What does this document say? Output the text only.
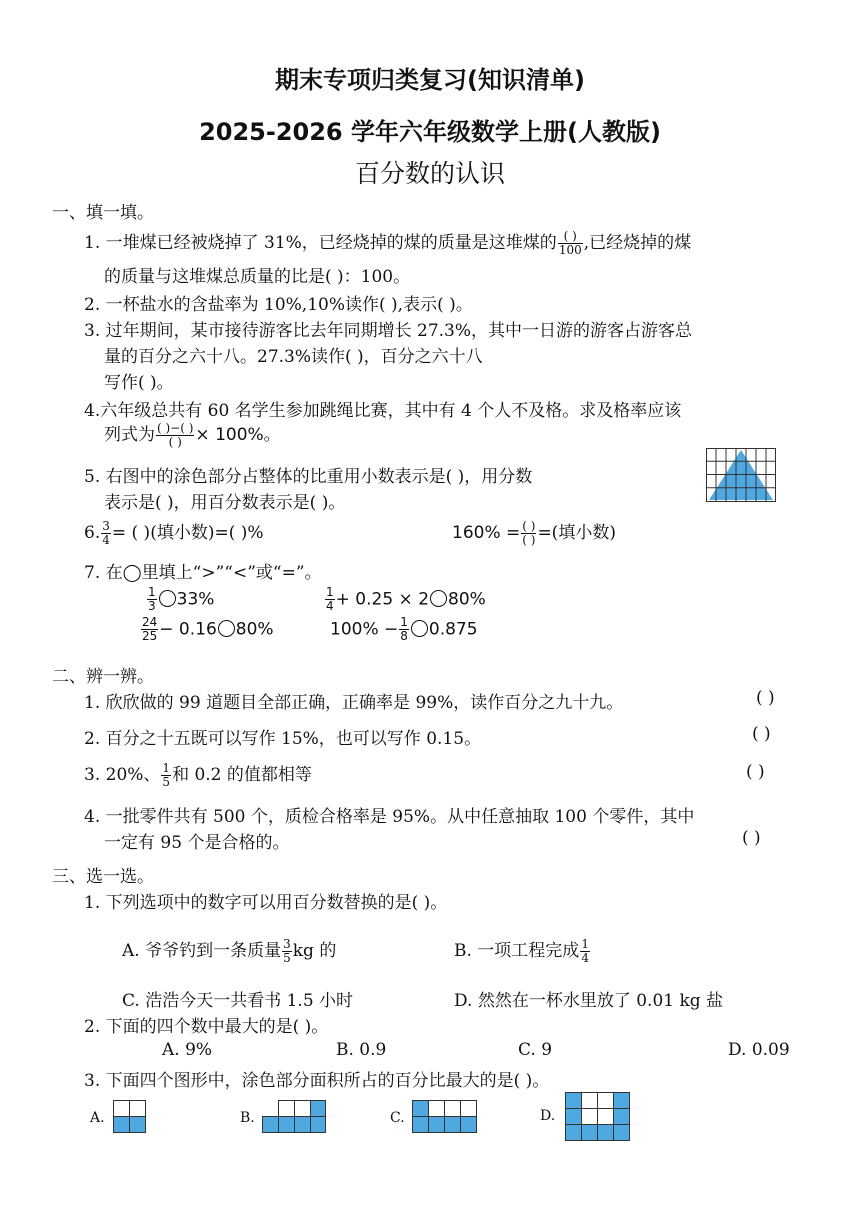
期末专项归类复习(知识清单)
2025-2026 学年六年级数学上册(人教版)
百分数的认识
一、填一填。
1. 一堆煤已经被烧掉了 31%，已经烧掉的煤的质量是这堆煤的 $\frac{( )}{100}$ ,已经烧掉的煤
的质量与这堆煤总质量的比是( )：100。
2. 一杯盐水的含盐率为 10%,10%读作( ),表示( )。
3. 过年期间，某市接待游客比去年同期增长 27.3%，其中一日游的游客占游客总
量的百分之六十八。27.3%读作( )，百分之六十八
写作( )。
4.六年级总共有 60 名学生参加跳绳比赛，其中有 4 个人不及格。求及格率应该
列式为 $\frac{( )-( )}{( )} \times 100\%$。
5. 右图中的涂色部分占整体的比重用小数表示是( )，用分数
表示是( )，用百分数表示是( )。
6. $\frac{3}{4}$ = ( )(填小数)=( )%	$160\% = \frac{( )}{( )}$ =(填小数)
7. 在◯里填上“>”“<”或“=”。
$\frac{1}{3} 33\%$	$\frac{1}{4} + 0.25 \times 2$ 80%
$\frac{24}{25} - 0.16$ 80%	$100\% - \frac{1}{8} 0.875$
二、辨一辨。
1. 欣欣做的 99 道题目全部正确，正确率是 99%，读作百分之九十九。	( )
2. 百分之十五既可以写作 15%，也可以写作 0.15。	( )
3. 20%、 $\frac{1}{5}$ 和 0.2 的值都相等	( )
4. 一批零件共有 500 个，质检合格率是 95%。从中任意抽取 100 个零件，其中
一定有 95 个是合格的。	( )
三、选一选。
1. 下列选项中的数字可以用百分数替换的是( )。
A. 爷爷钓到一条质量 $\frac{3}{5}$ kg 的	B. 一项工程完成 $\frac{1}{4}$
C. 浩浩今天一共看书 1.5 小时	D. 然然在一杯水里放了 0.01 kg 盐
2. 下面的四个数中最大的是( )。
A. 9%	B. 0.9	C. 9	D. 0.09
3. 下面四个图形中，涂色部分面积所占的百分比最大的是( )。
A.	B.	C.	D.
